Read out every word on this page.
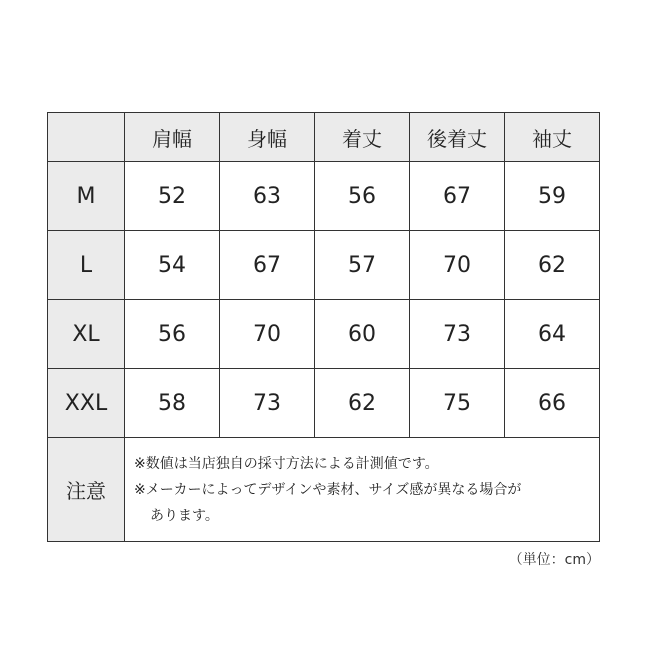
	肩幅	身幅	着丈	後着丈	袖丈
M	52	63	56	67	59
L	54	67	57	70	62
XL	56	70	60	73	64
XXL	58	73	62	75	66
注意	※数値は当店独自の採寸方法による計測値です。
※メーカーによってデザインや素材、サイズ感が異なる場合が
あります。				
（単位：cm）
